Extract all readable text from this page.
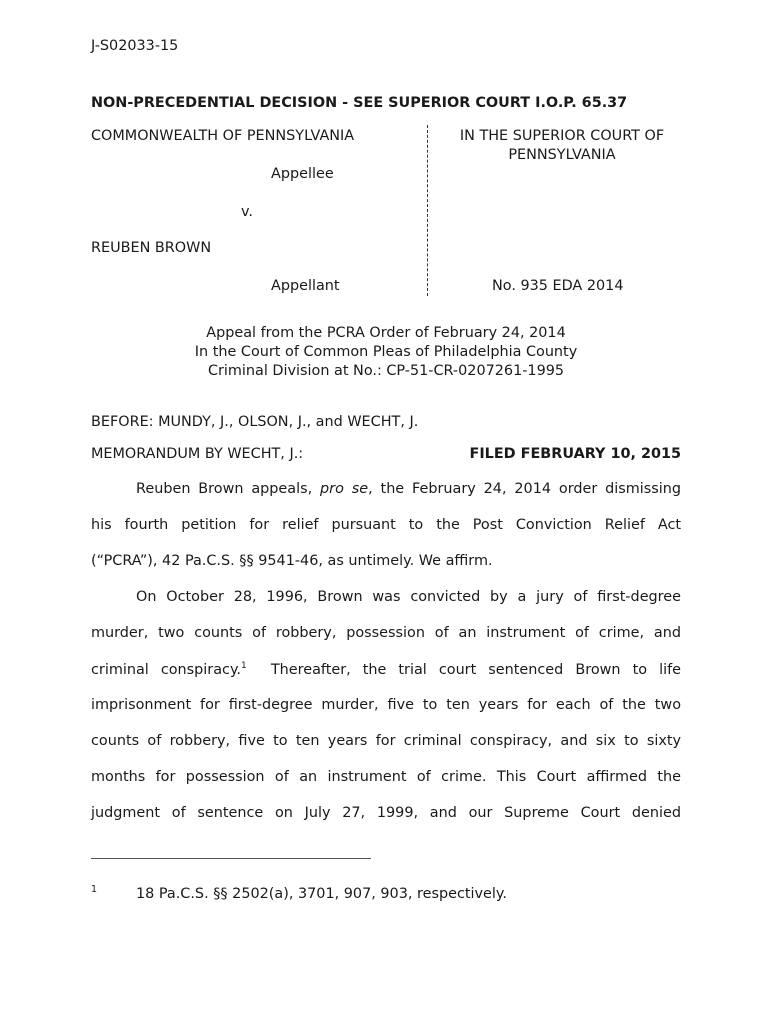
J-S02033-15
NON-PRECEDENTIAL DECISION - SEE SUPERIOR COURT I.O.P. 65.37
COMMONWEALTH OF PENNSYLVANIA
Appellee
v.
REUBEN BROWN
Appellant
IN THE SUPERIOR COURT OF
PENNSYLVANIA
No. 935 EDA 2014
Appeal from the PCRA Order of February 24, 2014
In the Court of Common Pleas of Philadelphia County
Criminal Division at No.: CP-51-CR-0207261-1995
BEFORE: MUNDY, J., OLSON, J., and WECHT, J.
MEMORANDUM BY WECHT, J.:	FILED FEBRUARY 10, 2015
Reuben Brown appeals, pro se, the February 24, 2014 order dismissing
his fourth petition for relief pursuant to the Post Conviction Relief Act
(“PCRA”), 42 Pa.C.S. §§ 9541-46, as untimely. We affirm.
On October 28, 1996, Brown was convicted by a jury of first-degree
murder, two counts of robbery, possession of an instrument of crime, and
criminal conspiracy.$^1$  Thereafter, the trial court sentenced Brown to life
imprisonment for first-degree murder, five to ten years for each of the two
counts of robbery, five to ten years for criminal conspiracy, and six to sixty
months for possession of an instrument of crime. This Court affirmed the
judgment of sentence on July 27, 1999, and our Supreme Court denied
1	18 Pa.C.S. §§ 2502(a), 3701, 907, 903, respectively.
